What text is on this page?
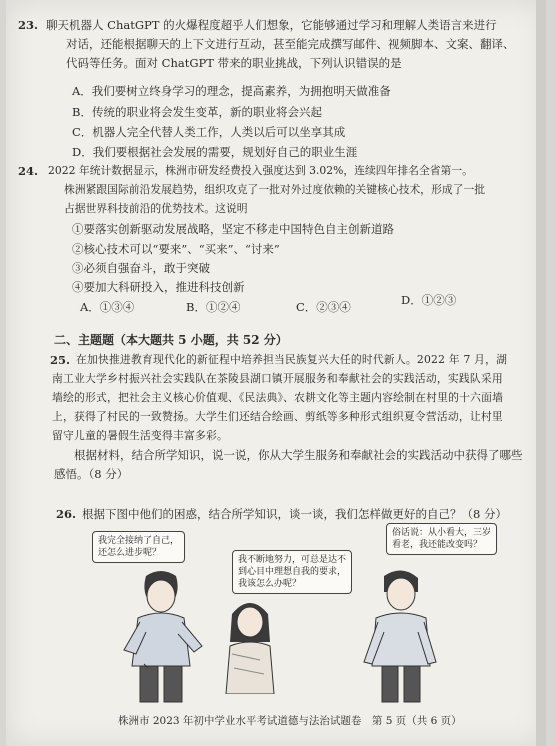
23. 聊天机器人 ChatGPT 的火爆程度超乎人们想象，它能够通过学习和理解人类语言来进行
对话，还能根据聊天的上下文进行互动，甚至能完成撰写邮件、视频脚本、文案、翻译、
代码等任务。面对 ChatGPT 带来的职业挑战，下列认识错误的是
A．我们要树立终身学习的理念，提高素养，为拥抱明天做准备
B．传统的职业将会发生变革，新的职业将会兴起
C．机器人完全代替人类工作，人类以后可以坐享其成
D．我们要根据社会发展的需要，规划好自己的职业生涯
24. 2022 年统计数据显示，株洲市研发经费投入强度达到 3.02%，连续四年排名全省第一。
株洲紧跟国际前沿发展趋势，组织攻克了一批对外过度依赖的关键核心技术，形成了一批
占据世界科技前沿的优势技术。这说明
①要落实创新驱动发展战略，坚定不移走中国特色自主创新道路
②核心技术可以“要来”、“买来”、“讨来”
③必须自强奋斗，敢于突破
④要加大科研投入，推进科技创新
A．①③④	B．①②④	C．②③④	D．①②③
二、主题题（本大题共 5 小题，共 52 分）
25. 在加快推进教育现代化的新征程中培养担当民族复兴大任的时代新人。2022 年 7 月，湖
南工业大学乡村振兴社会实践队在茶陵县湖口镇开展服务和奉献社会的实践活动，实践队采用
墙绘的形式，把社会主义核心价值观、《民法典》、农耕文化等主题内容绘制在村里的十六面墙
上，获得了村民的一致赞扬。大学生们还结合绘画、剪纸等多种形式组织夏令营活动，让村里
留守儿童的暑假生活变得丰富多彩。
根据材料，结合所学知识，说一说，你从大学生服务和奉献社会的实践活动中获得了哪些
感悟。（8 分）
26. 根据下图中他们的困惑，结合所学知识，谈一谈，我们怎样做更好的自己？（8 分）
我完全接纳了自己，
还怎么进步呢？
我不断地努力，可总是达不
到心目中理想自我的要求，
我该怎么办呢？
俗话说：从小看大，三岁
看老，我还能改变吗？
株洲市 2023 年初中学业水平考试道德与法治试题卷　第 5 页（共 6 页）
